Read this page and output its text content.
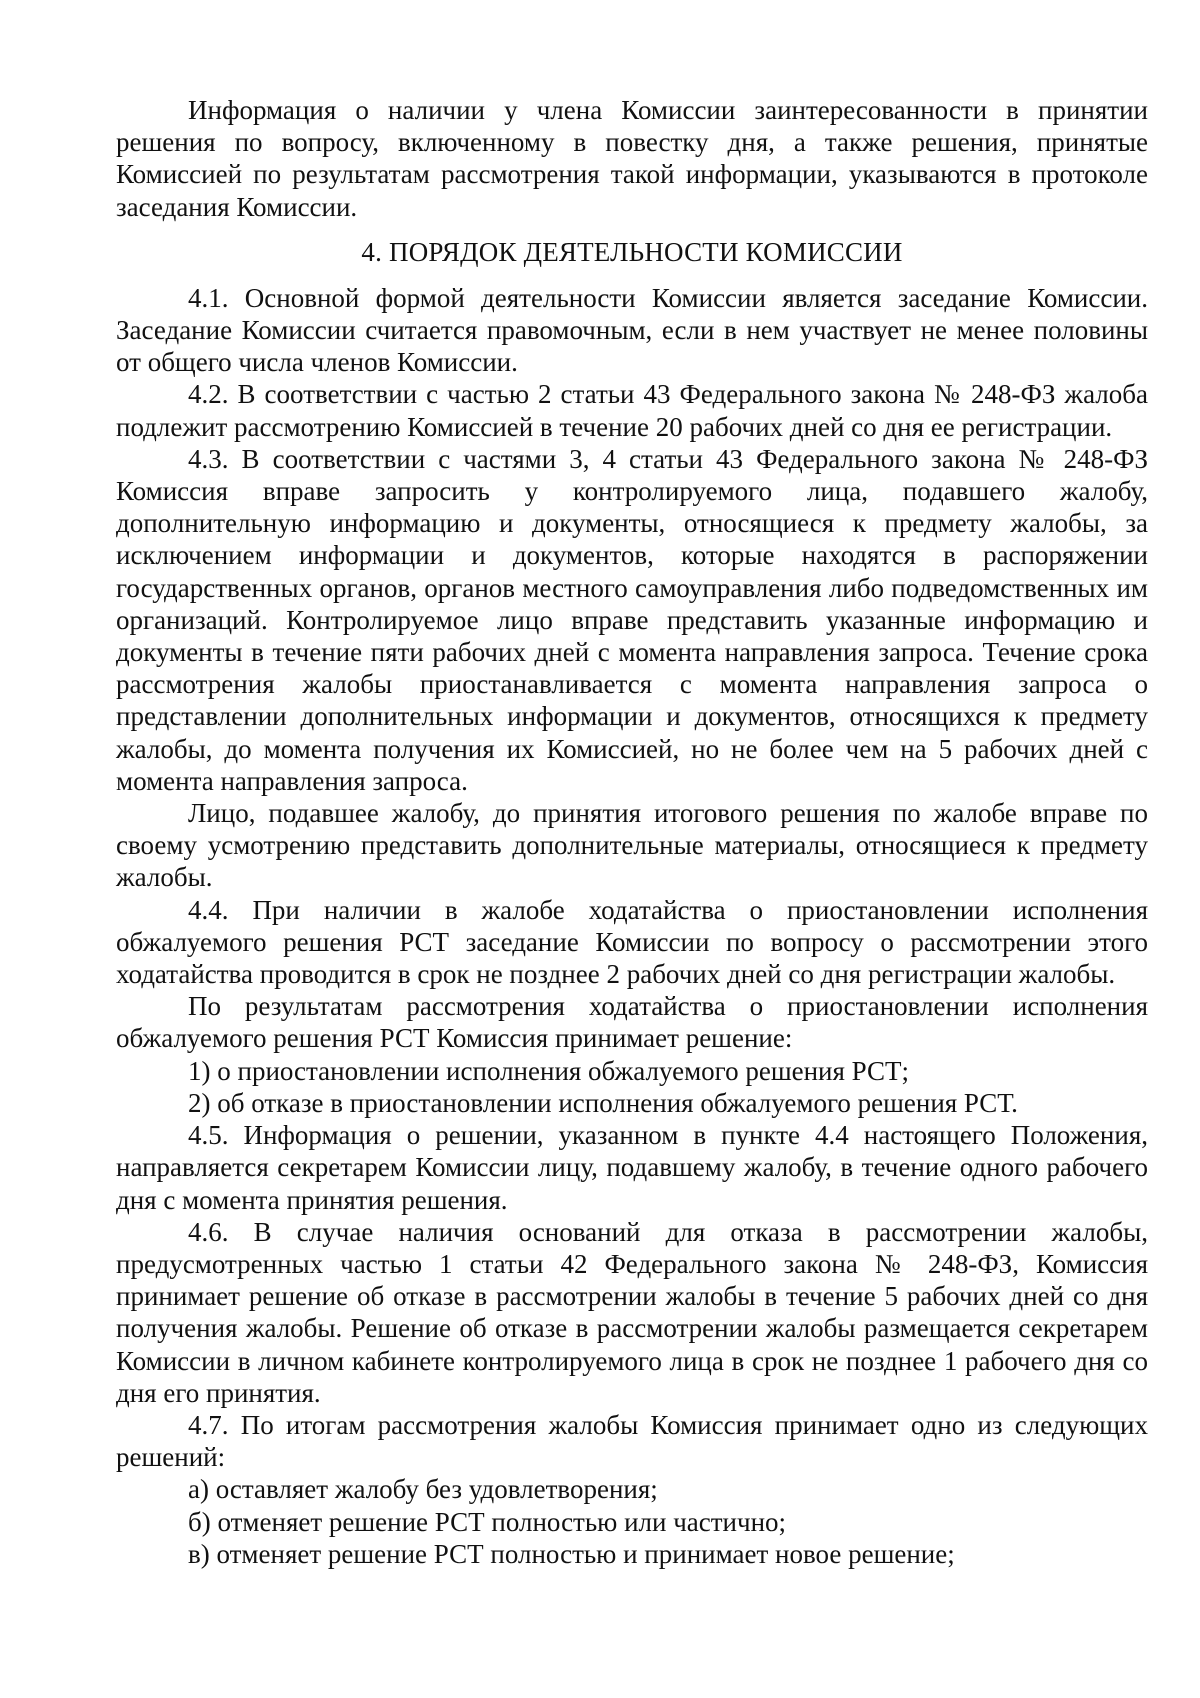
Информация о наличии у члена Комиссии заинтересованности в принятии решения по вопросу, включенному в повестку дня, а также решения, принятые Комиссией по результатам рассмотрения такой информации, указываются в протоколе заседания Комиссии.

4. ПОРЯДОК ДЕЯТЕЛЬНОСТИ КОМИССИИ

4.1. Основной формой деятельности Комиссии является заседание Комиссии. Заседание Комиссии считается правомочным, если в нем участвует не менее половины от общего числа членов Комиссии.

4.2. В соответствии с частью 2 статьи 43 Федерального закона № 248-ФЗ жалоба подлежит рассмотрению Комиссией в течение 20 рабочих дней со дня ее регистрации.

4.3. В соответствии с частями 3, 4 статьи 43 Федерального закона № 248-ФЗ Комиссия вправе запросить у контролируемого лица, подавшего жалобу, дополнительную информацию и документы, относящиеся к предмету жалобы, за исключением информации и документов, которые находятся в распоряжении государственных органов, органов местного самоуправления либо подведомственных им организаций. Контролируемое лицо вправе представить указанные информацию и документы в течение пяти рабочих дней с момента направления запроса. Течение срока рассмотрения жалобы приостанавливается с момента направления запроса о представлении дополнительных информации и документов, относящихся к предмету жалобы, до момента получения их Комиссией, но не более чем на 5 рабочих дней с момента направления запроса.

Лицо, подавшее жалобу, до принятия итогового решения по жалобе вправе по своему усмотрению представить дополнительные материалы, относящиеся к предмету жалобы.

4.4. При наличии в жалобе ходатайства о приостановлении исполнения обжалуемого решения РСТ заседание Комиссии по вопросу о рассмотрении этого ходатайства проводится в срок не позднее 2 рабочих дней со дня регистрации жалобы.

По результатам рассмотрения ходатайства о приостановлении исполнения обжалуемого решения РСТ Комиссия принимает решение:

1) о приостановлении исполнения обжалуемого решения РСТ;

2) об отказе в приостановлении исполнения обжалуемого решения РСТ.

4.5. Информация о решении, указанном в пункте 4.4 настоящего Положения, направляется секретарем Комиссии лицу, подавшему жалобу, в течение одного рабочего дня с момента принятия решения.

4.6. В случае наличия оснований для отказа в рассмотрении жалобы, предусмотренных частью 1 статьи 42 Федерального закона № 248-ФЗ, Комиссия принимает решение об отказе в рассмотрении жалобы в течение 5 рабочих дней со дня получения жалобы. Решение об отказе в рассмотрении жалобы размещается секретарем Комиссии в личном кабинете контролируемого лица в срок не позднее 1 рабочего дня со дня его принятия.

4.7. По итогам рассмотрения жалобы Комиссия принимает одно из следующих решений:

а) оставляет жалобу без удовлетворения;

б) отменяет решение РСТ полностью или частично;

в) отменяет решение РСТ полностью и принимает новое решение;
